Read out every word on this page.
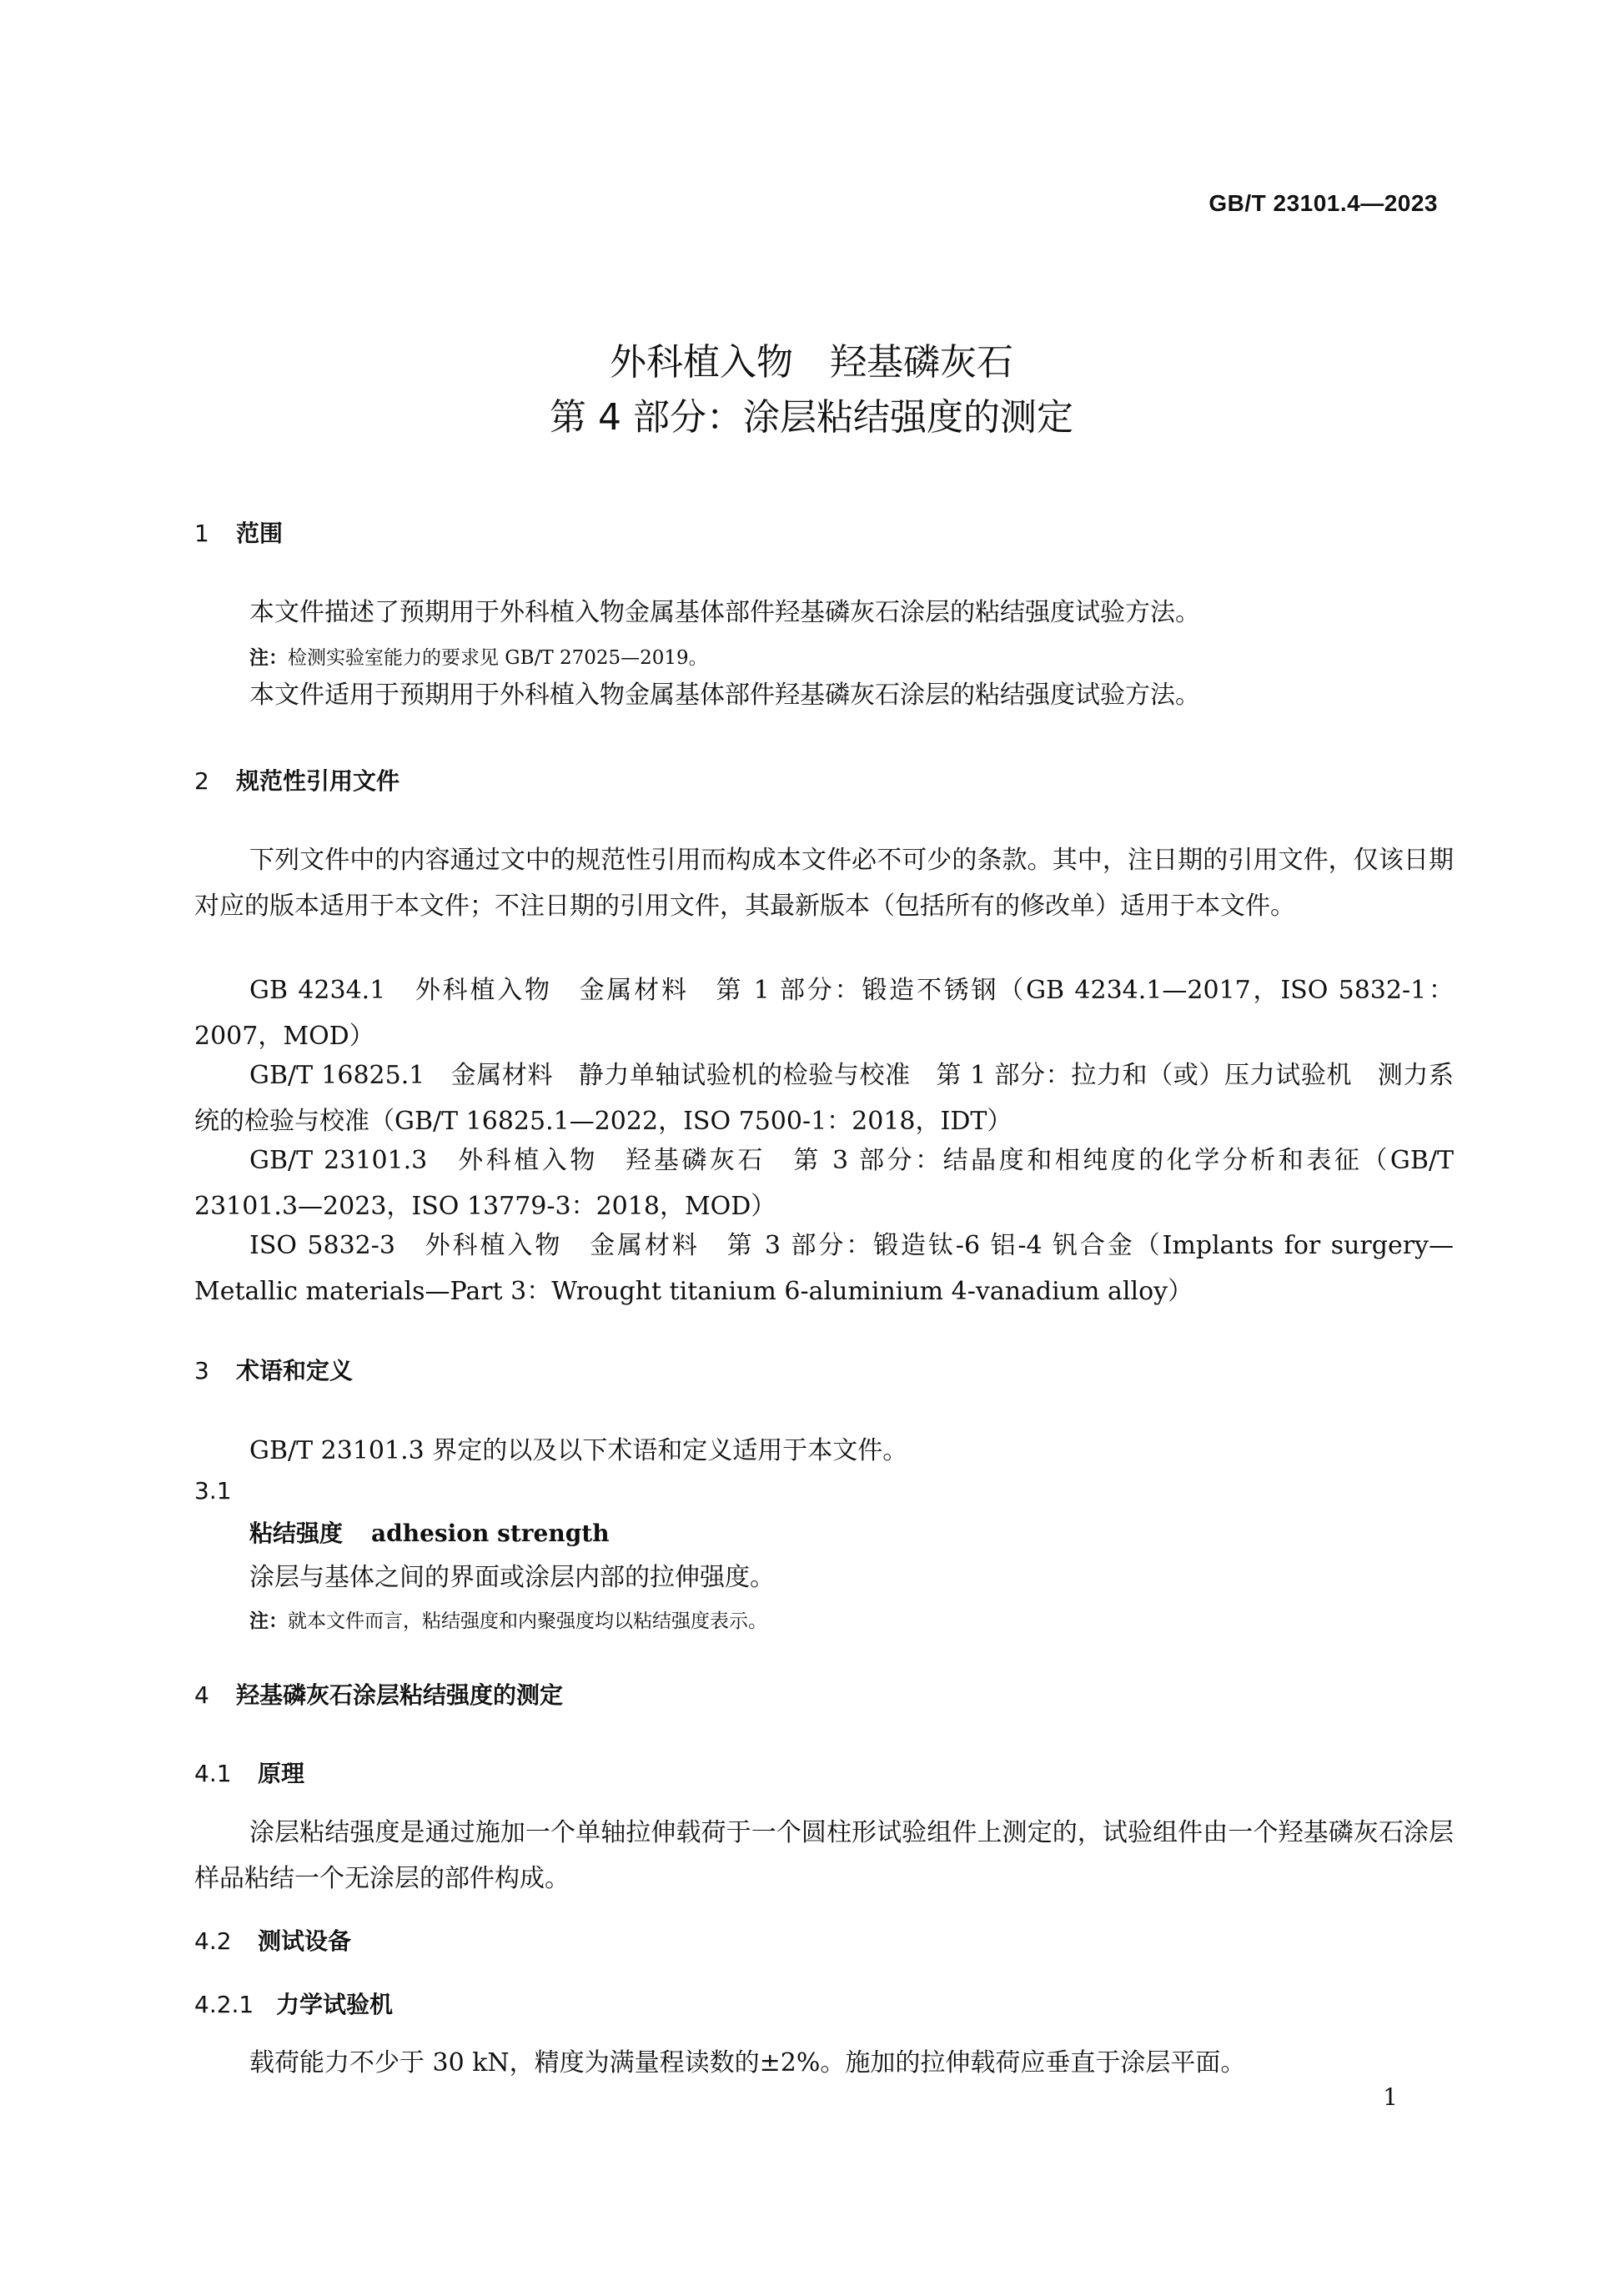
GB/T 23101.4—2023
外科植入物　羟基磷灰石
第 4 部分：涂层粘结强度的测定
1 范围
本文件描述了预期用于外科植入物金属基体部件羟基磷灰石涂层的粘结强度试验方法。
注：检测实验室能力的要求见 GB/T 27025—2019。
本文件适用于预期用于外科植入物金属基体部件羟基磷灰石涂层的粘结强度试验方法。
2 规范性引用文件
下列文件中的内容通过文中的规范性引用而构成本文件必不可少的条款。其中，注日期的引用文件，仅该日期对应的版本适用于本文件；不注日期的引用文件，其最新版本（包括所有的修改单）适用于本文件。
GB 4234.1　外科植入物　金属材料　第 1 部分：锻造不锈钢（GB 4234.1—2017，ISO 5832-1：2007，MOD）
GB/T 16825.1　金属材料　静力单轴试验机的检验与校准　第 1 部分：拉力和（或）压力试验机　测力系统的检验与校准（GB/T 16825.1—2022，ISO 7500-1：2018，IDT）
GB/T 23101.3　外科植入物　羟基磷灰石　第 3 部分：结晶度和相纯度的化学分析和表征（GB/T 23101.3—2023，ISO 13779-3：2018，MOD）
ISO 5832-3　外科植入物　金属材料　第 3 部分：锻造钛-6 铝-4 钒合金（Implants for surgery—Metallic materials—Part 3：Wrought titanium 6-aluminium 4-vanadium alloy）
3 术语和定义
GB/T 23101.3 界定的以及以下术语和定义适用于本文件。
3.1
粘结强度 adhesion strength
涂层与基体之间的界面或涂层内部的拉伸强度。
注：就本文件而言，粘结强度和内聚强度均以粘结强度表示。
4 羟基磷灰石涂层粘结强度的测定
4.1 原理
涂层粘结强度是通过施加一个单轴拉伸载荷于一个圆柱形试验组件上测定的，试验组件由一个羟基磷灰石涂层样品粘结一个无涂层的部件构成。
4.2 测试设备
4.2.1 力学试验机
载荷能力不少于 30 kN，精度为满量程读数的±2%。施加的拉伸载荷应垂直于涂层平面。
1
